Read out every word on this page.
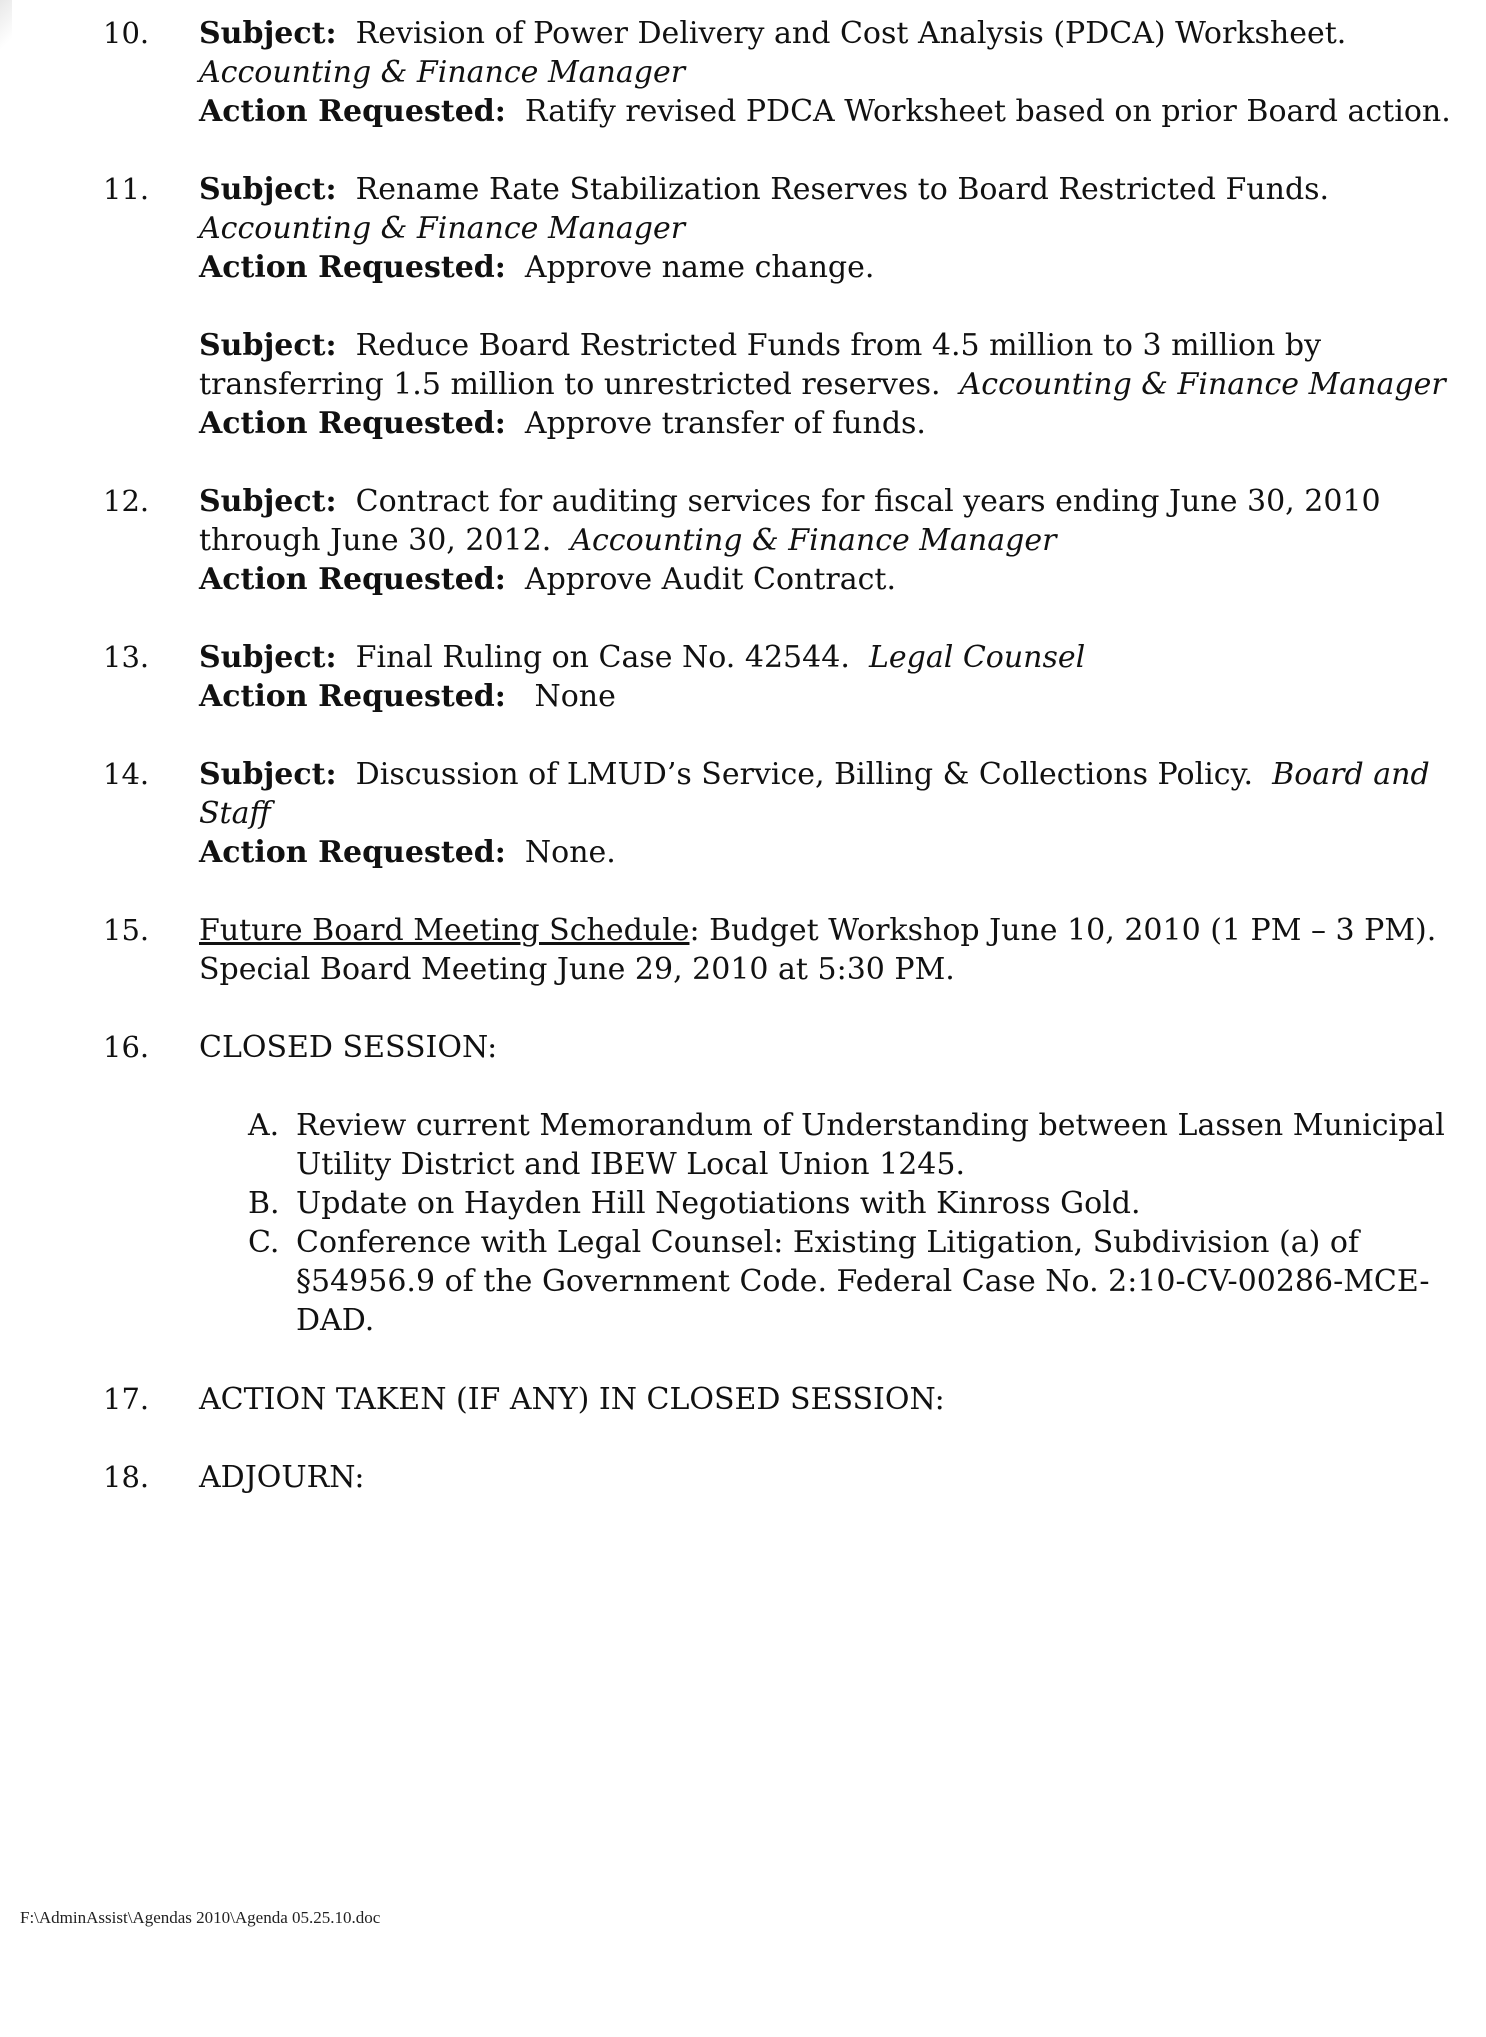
10. Subject: Revision of Power Delivery and Cost Analysis (PDCA) Worksheet.
Accounting & Finance Manager
Action Requested: Ratify revised PDCA Worksheet based on prior Board action.
11. Subject: Rename Rate Stabilization Reserves to Board Restricted Funds.
Accounting & Finance Manager
Action Requested: Approve name change.
Subject: Reduce Board Restricted Funds from 4.5 million to 3 million by
transferring 1.5 million to unrestricted reserves. Accounting & Finance Manager
Action Requested: Approve transfer of funds.
12. Subject: Contract for auditing services for fiscal years ending June 30, 2010
through June 30, 2012. Accounting & Finance Manager
Action Requested: Approve Audit Contract.
13. Subject: Final Ruling on Case No. 42544. Legal Counsel
Action Requested: None
14. Subject: Discussion of LMUD’s Service, Billing & Collections Policy. Board and
Staff
Action Requested: None.
15. Future Board Meeting Schedule: Budget Workshop June 10, 2010 (1 PM – 3 PM).
Special Board Meeting June 29, 2010 at 5:30 PM.
16. CLOSED SESSION:
A. Review current Memorandum of Understanding between Lassen Municipal
Utility District and IBEW Local Union 1245.
B. Update on Hayden Hill Negotiations with Kinross Gold.
C. Conference with Legal Counsel: Existing Litigation, Subdivision (a) of
§54956.9 of the Government Code. Federal Case No. 2:10-CV-00286-MCE-
DAD.
17. ACTION TAKEN (IF ANY) IN CLOSED SESSION:
18. ADJOURN:
F:\AdminAssist\Agendas 2010\Agenda 05.25.10.doc
